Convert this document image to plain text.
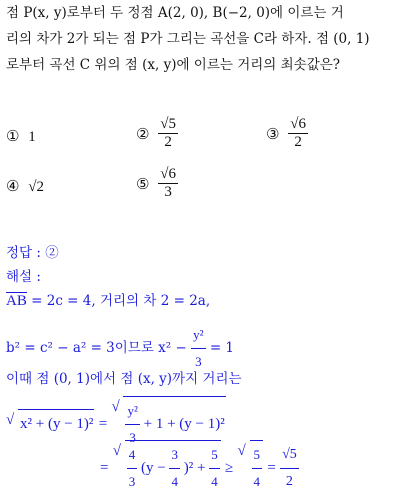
점 P(x, y)로부터 두 정점 A(2, 0), B(−2, 0)에 이르는 거
리의 차가 2가 되는 점 P가 그리는 곡선을 C라 하자. 점 (0, 1)
로부터 곡선 C 위의 점 (x, y)에 이르는 거리의 최솟값은?
① 1	② $\frac{√5}{2}$	③ $\frac{√6}{2}$
④ √2	⑤ $\frac{√6}{3}$
정답 : ②
해설 :
AB = 2c = 4, 거리의 차 2 = 2a,
b² = c² − a² = 3이므로 $x^2 - \frac{\text{y²}}{3} = 1$
이때 점 (0, 1)에서 점 (x, y)까지 거리는
√ x² + (y − 1)² = √ $\frac{\text{y²}}{3} + 1 + (y - 1)^2$
= √ $\frac{4}{3} (y - \frac{3}{4} )^2 + \frac{5}{4}$ ≥ √ $\frac{5}{4} = \frac{√5}{2}$
